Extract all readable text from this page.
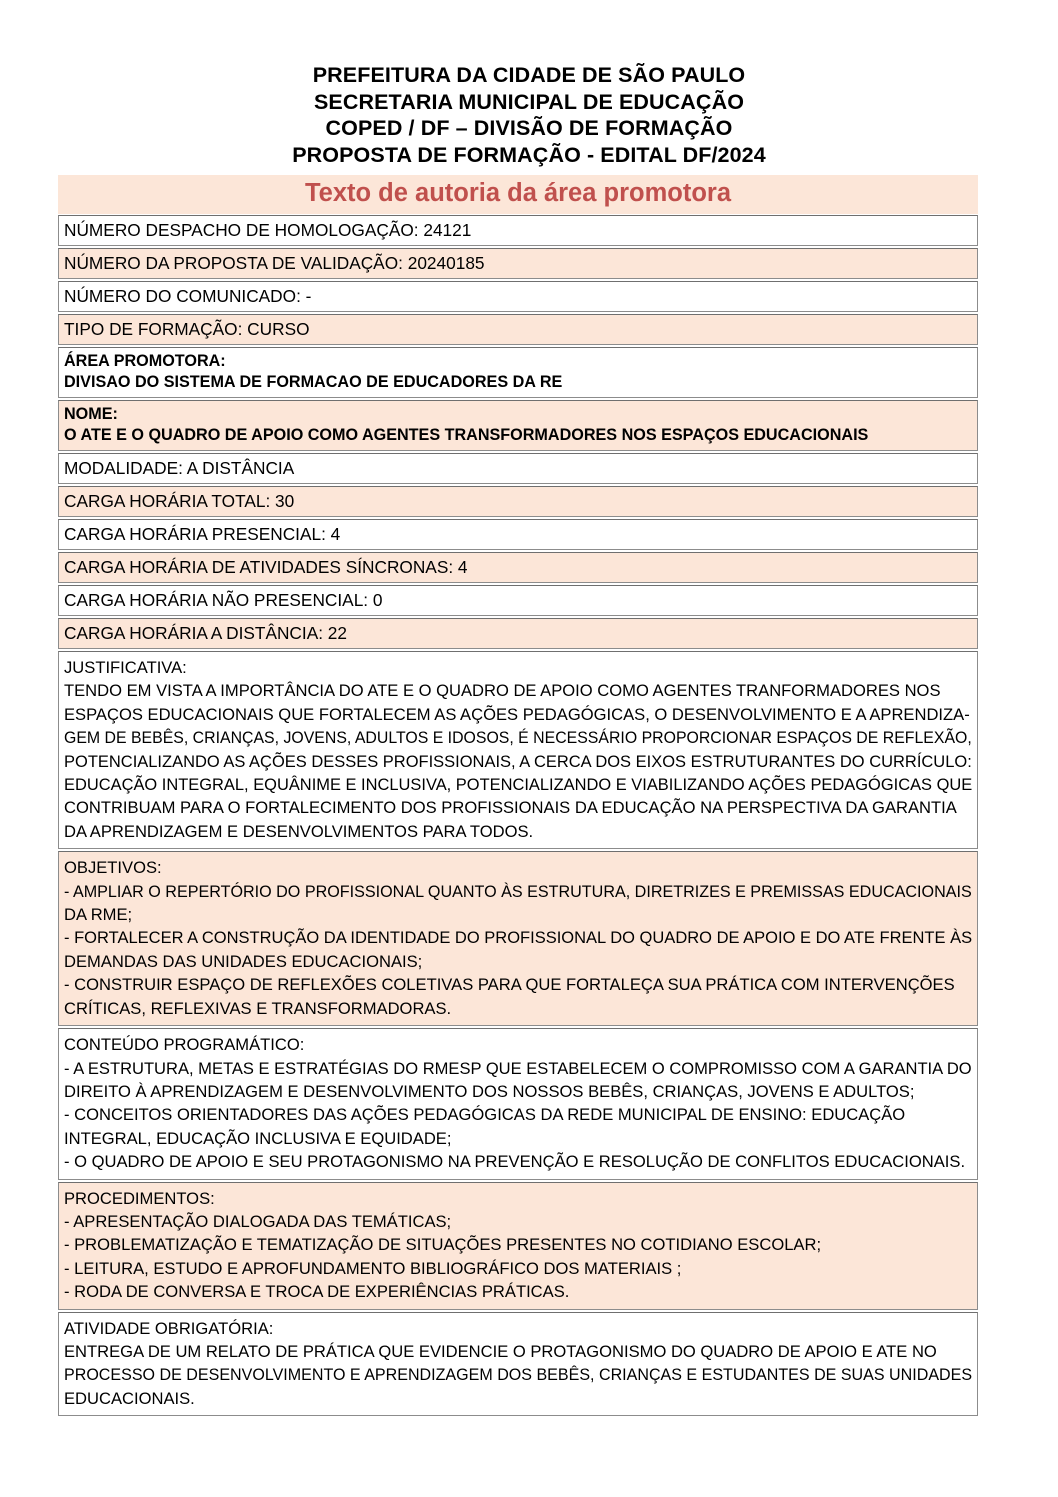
PREFEITURA DA CIDADE DE SÃO PAULO
SECRETARIA MUNICIPAL DE EDUCAÇÃO
COPED / DF – DIVISÃO DE FORMAÇÃO
PROPOSTA DE FORMAÇÃO - EDITAL DF/2024
Texto de autoria da área promotora
NÚMERO DESPACHO DE HOMOLOGAÇÃO: 24121
NÚMERO DA PROPOSTA DE VALIDAÇÃO: 20240185
NÚMERO DO COMUNICADO: -
TIPO DE FORMAÇÃO: CURSO
ÁREA PROMOTORA:
DIVISAO DO SISTEMA DE FORMACAO DE EDUCADORES DA RE
NOME:
O ATE E O QUADRO DE APOIO COMO AGENTES TRANSFORMADORES NOS ESPAÇOS EDUCACIONAIS
MODALIDADE: A DISTÂNCIA
CARGA HORÁRIA TOTAL: 30
CARGA HORÁRIA PRESENCIAL: 4
CARGA HORÁRIA DE ATIVIDADES SÍNCRONAS: 4
CARGA HORÁRIA NÃO PRESENCIAL: 0
CARGA HORÁRIA A DISTÂNCIA: 22
JUSTIFICATIVA:
TENDO EM VISTA A IMPORTÂNCIA DO ATE E O QUADRO DE APOIO COMO AGENTES TRANFORMADORES NOS
ESPAÇOS EDUCACIONAIS QUE FORTALECEM AS AÇÕES PEDAGÓGICAS, O DESENVOLVIMENTO E A APRENDIZA-
GEM DE BEBÊS, CRIANÇAS, JOVENS, ADULTOS E IDOSOS, É NECESSÁRIO PROPORCIONAR ESPAÇOS DE REFLEXÃO,
POTENCIALIZANDO AS AÇÕES DESSES PROFISSIONAIS, A CERCA DOS EIXOS ESTRUTURANTES DO CURRÍCULO:
EDUCAÇÃO INTEGRAL, EQUÂNIME E INCLUSIVA, POTENCIALIZANDO E VIABILIZANDO AÇÕES PEDAGÓGICAS QUE
CONTRIBUAM PARA O FORTALECIMENTO DOS PROFISSIONAIS DA EDUCAÇÃO NA PERSPECTIVA DA GARANTIA
DA APRENDIZAGEM E DESENVOLVIMENTOS PARA TODOS.
OBJETIVOS:
- AMPLIAR O REPERTÓRIO DO PROFISSIONAL QUANTO ÀS ESTRUTURA, DIRETRIZES E PREMISSAS EDUCACIONAIS
DA RME;
- FORTALECER A CONSTRUÇÃO DA IDENTIDADE DO PROFISSIONAL DO QUADRO DE APOIO E DO ATE FRENTE ÀS
DEMANDAS DAS UNIDADES EDUCACIONAIS;
- CONSTRUIR ESPAÇO DE REFLEXÕES COLETIVAS PARA QUE FORTALEÇA SUA PRÁTICA COM INTERVENÇÕES
CRÍTICAS, REFLEXIVAS E TRANSFORMADORAS.
CONTEÚDO PROGRAMÁTICO:
- A ESTRUTURA, METAS E ESTRATÉGIAS DO RMESP QUE ESTABELECEM O COMPROMISSO COM A GARANTIA DO
DIREITO À APRENDIZAGEM E DESENVOLVIMENTO DOS NOSSOS BEBÊS, CRIANÇAS, JOVENS E ADULTOS;
- CONCEITOS ORIENTADORES DAS AÇÕES PEDAGÓGICAS DA REDE MUNICIPAL DE ENSINO: EDUCAÇÃO
INTEGRAL, EDUCAÇÃO INCLUSIVA E EQUIDADE;
- O QUADRO DE APOIO E SEU PROTAGONISMO NA PREVENÇÃO E RESOLUÇÃO DE CONFLITOS EDUCACIONAIS.
PROCEDIMENTOS:
- APRESENTAÇÃO DIALOGADA DAS TEMÁTICAS;
- PROBLEMATIZAÇÃO E TEMATIZAÇÃO DE SITUAÇÕES PRESENTES NO COTIDIANO ESCOLAR;
- LEITURA, ESTUDO E APROFUNDAMENTO BIBLIOGRÁFICO DOS MATERIAIS ;
- RODA DE CONVERSA E TROCA DE EXPERIÊNCIAS PRÁTICAS.
ATIVIDADE OBRIGATÓRIA:
ENTREGA DE UM RELATO DE PRÁTICA QUE EVIDENCIE O PROTAGONISMO DO QUADRO DE APOIO E ATE NO
PROCESSO DE DESENVOLVIMENTO E APRENDIZAGEM DOS BEBÊS, CRIANÇAS E ESTUDANTES DE SUAS UNIDADES
EDUCACIONAIS.
